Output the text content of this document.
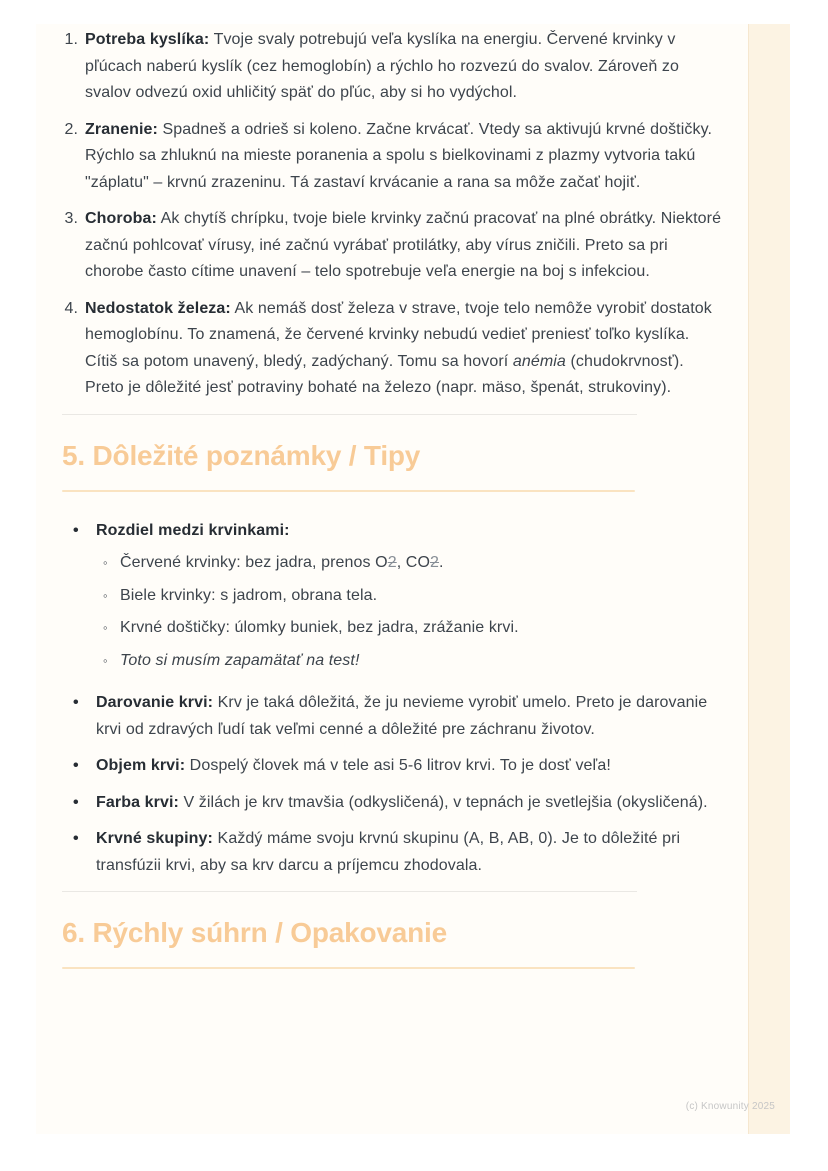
1. Potreba kyslíka: Tvoje svaly potrebujú veľa kyslíka na energiu. Červené krvinky v pľúcach naberú kyslík (cez hemoglobín) a rýchlo ho rozvezú do svalov. Zároveň zo svalov odvezú oxid uhličitý späť do pľúc, aby si ho vydýchol.
2. Zranenie: Spadneš a odrieš si koleno. Začne krvácať. Vtedy sa aktivujú krvné doštičky. Rýchlo sa zhluknú na mieste poranenia a spolu s bielkovinami z plazmy vytvoria takú "záplatu" – krvnú zrazeninu. Tá zastaví krvácanie a rana sa môže začať hojiť.
3. Choroba: Ak chytíš chrípku, tvoje biele krvinky začnú pracovať na plné obrátky. Niektoré začnú pohlcovať vírusy, iné začnú vyrábať protilátky, aby vírus zničili. Preto sa pri chorobe často cítime unavení – telo spotrebuje veľa energie na boj s infekciou.
4. Nedostatok železa: Ak nemáš dosť železa v strave, tvoje telo nemôže vyrobiť dostatok hemoglobínu. To znamená, že červené krvinky nebudú vedieť preniesť toľko kyslíka. Cítiš sa potom unavený, bledý, zadýchaný. Tomu sa hovorí anémia (chudokrvnosť). Preto je dôležité jesť potraviny bohaté na železo (napr. mäso, špenát, strukoviny).
5. Dôležité poznámky / Tipy
•	Rozdiel medzi krvinkami:
◦ Červené krvinky: bez jadra, prenos O2, CO2.
◦ Biele krvinky: s jadrom, obrana tela.
◦ Krvné doštičky: úlomky buniek, bez jadra, zrážanie krvi.
◦ Toto si musím zapamätať na test!
•	Darovanie krvi: Krv je taká dôležitá, že ju nevieme vyrobiť umelo. Preto je darovanie krvi od zdravých ľudí tak veľmi cenné a dôležité pre záchranu životov.
•	Objem krvi: Dospelý človek má v tele asi 5-6 litrov krvi. To je dosť veľa!
•	Farba krvi: V žilách je krv tmavšia (odkysličená), v tepnách je svetlejšia (okysličená).
•	Krvné skupiny: Každý máme svoju krvnú skupinu (A, B, AB, 0). Je to dôležité pri transfúzii krvi, aby sa krv darcu a príjemcu zhodovala.
6. Rýchly súhrn / Opakovanie
(c) Knowunity 2025
